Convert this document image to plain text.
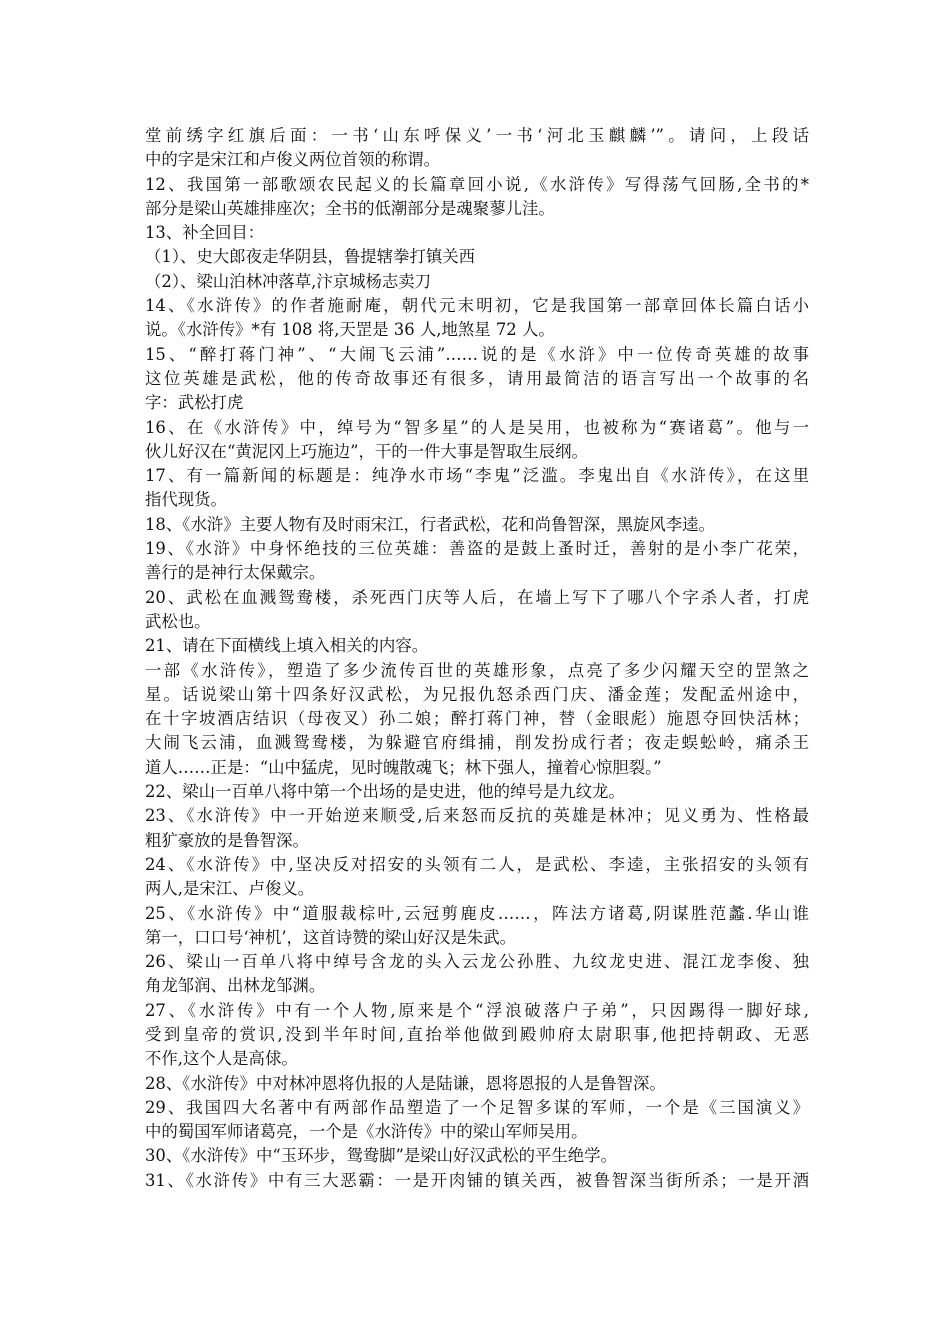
堂前绣字红旗后面：一书‘山东呼保义’一书‘河北玉麒麟’”。请问，上段话
中的字是宋江和卢俊义两位首领的称谓。
12、我国第一部歌颂农民起义的长篇章回小说,《水浒传》写得荡气回肠,全书的*
部分是梁山英雄排座次；全书的低潮部分是魂聚蓼儿洼。
13、补全回目：
（1）、史大郎夜走华阴县，鲁提辖拳打镇关西
（2）、梁山泊林冲落草,汴京城杨志卖刀
14、《水浒传》的作者施耐庵，朝代元末明初，它是我国第一部章回体长篇白话小
说。《水浒传》*有 108 将,天罡是 36 人,地煞星 72 人。
15、“醉打蒋门神”、“大闹飞云浦”……说的是《水浒》中一位传奇英雄的故事
这位英雄是武松，他的传奇故事还有很多，请用最简洁的语言写出一个故事的名
字：武松打虎
16、在《水浒传》中，绰号为“智多星”的人是吴用，也被称为“赛诸葛”。他与一
伙儿好汉在“黄泥冈上巧施边”，干的一件大事是智取生辰纲。
17、有一篇新闻的标题是：纯净水市场“李鬼”泛滥。李鬼出自《水浒传》，在这里
指代现货。
18、《水浒》主要人物有及时雨宋江，行者武松，花和尚鲁智深，黑旋风李逵。
19、《水浒》中身怀绝技的三位英雄：善盗的是鼓上蚤时迁，善射的是小李广花荣，
善行的是神行太保戴宗。
20、武松在血溅鸳鸯楼，杀死西门庆等人后，在墙上写下了哪八个字杀人者，打虎
武松也。
21、请在下面横线上填入相关的内容。
一部《水浒传》，塑造了多少流传百世的英雄形象，点亮了多少闪耀天空的罡煞之
星。话说梁山第十四条好汉武松，为兄报仇怒杀西门庆、潘金莲；发配孟州途中，
在十字坡酒店结识（母夜叉）孙二娘；醉打蒋门神，替（金眼彪）施恩夺回快活林；
大闹飞云浦，血溅鸳鸯楼，为躲避官府缉捕，削发扮成行者；夜走蜈蚣岭，痛杀王
道人……正是：“山中猛虎，见时魄散魂飞；林下强人，撞着心惊胆裂。”
22、梁山一百单八将中第一个出场的是史进，他的绰号是九纹龙。
23、《水浒传》中一开始逆来顺受,后来怒而反抗的英雄是林冲；见义勇为、性格最
粗犷豪放的是鲁智深。
24、《水浒传》中,坚决反对招安的头领有二人，是武松、李逵，主张招安的头领有
两人,是宋江、卢俊义。
25、《水浒传》中“道服裁棕叶,云冠剪鹿皮……，阵法方诸葛,阴谋胜范蠡.华山谁
第一，口口号‘神机’，这首诗赞的梁山好汉是朱武。
26、梁山一百单八将中绰号含龙的头入云龙公孙胜、九纹龙史进、混江龙李俊、独
角龙邹润、出林龙邹渊。
27、《水浒传》中有一个人物,原来是个“浮浪破落户子弟”，只因踢得一脚好球,
受到皇帝的赏识,没到半年时间,直抬举他做到殿帅府太尉职事,他把持朝政、无恶
不作,这个人是高俅。
28、《水浒传》中对林冲恩将仇报的人是陆谦，恩将恩报的人是鲁智深。
29、我国四大名著中有两部作品塑造了一个足智多谋的军师，一个是《三国演义》
中的蜀国军师诸葛亮，一个是《水浒传》中的梁山军师吴用。
30、《水浒传》中“玉环步，鸳鸯脚”是梁山好汉武松的平生绝学。
31、《水浒传》中有三大恶霸：一是开肉铺的镇关西，被鲁智深当街所杀；一是开酒
